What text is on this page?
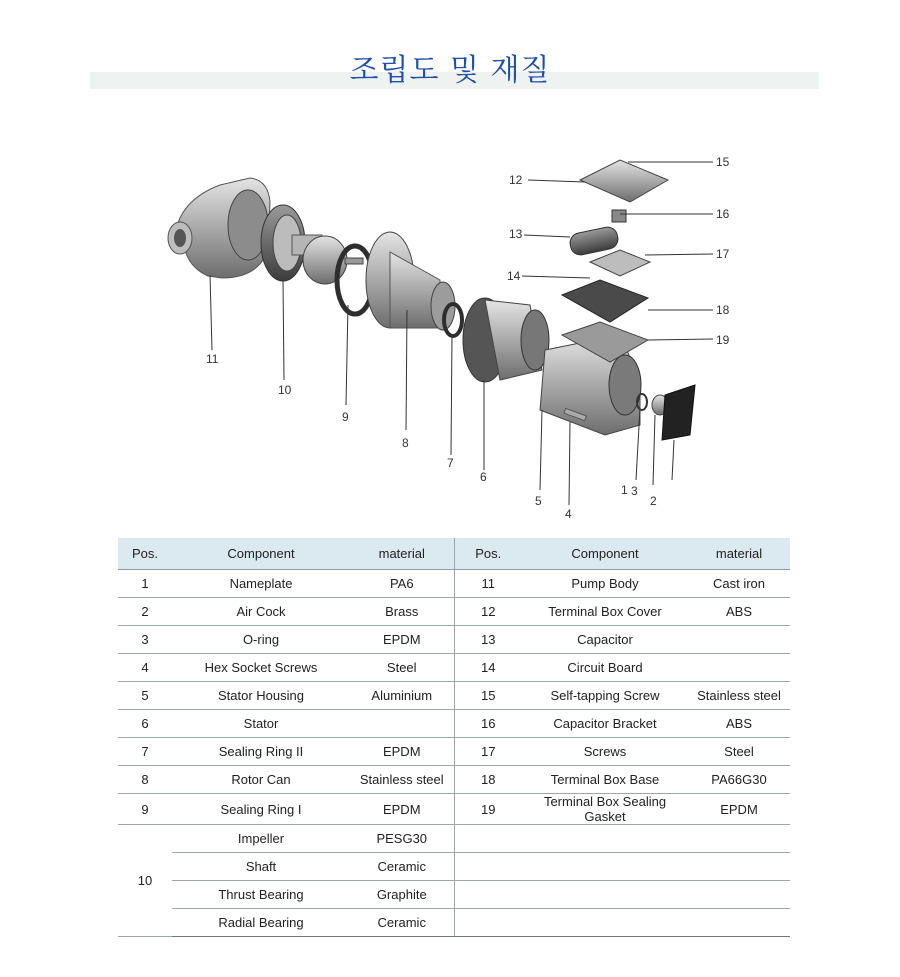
조립도 및 재질
1
2
3
4
5
6
7
8
9
10
11
12
13
14
15
16
17
18
19
Pos.	Component	material	Pos.	Component	material
1	Nameplate	PA6	11	Pump Body	Cast iron
2	Air Cock	Brass	12	Terminal Box Cover	ABS
3	O-ring	EPDM	13	Capacitor	
4	Hex Socket Screws	Steel	14	Circuit Board	
5	Stator Housing	Aluminium	15	Self-tapping Screw	Stainless steel
6	Stator		16	Capacitor Bracket	ABS
7	Sealing Ring II	EPDM	17	Screws	Steel
8	Rotor Can	Stainless steel	18	Terminal Box Base	PA66G30
9	Sealing Ring I	EPDM	19	Terminal Box Sealing Gasket	EPDM
10	Impeller	PESG30			
	Shaft	Ceramic			
	Thrust Bearing	Graphite			
	Radial Bearing	Ceramic			
